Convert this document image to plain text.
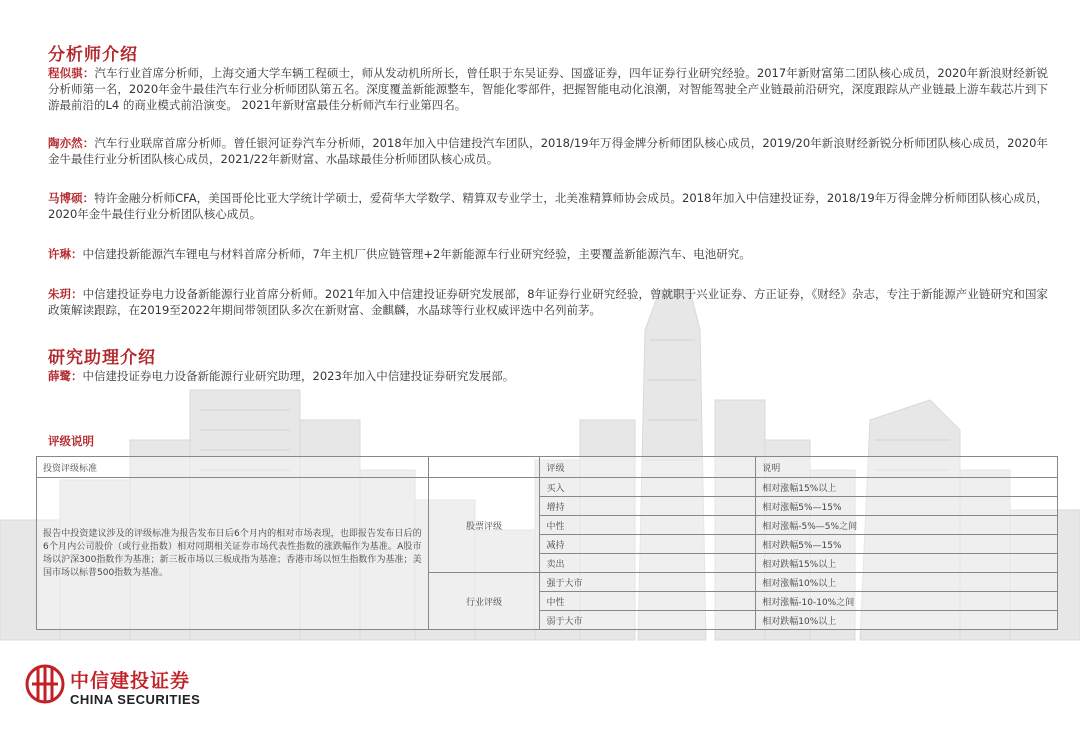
分析师介绍
程似骐：汽车行业首席分析师，上海交通大学车辆工程硕士，师从发动机所所长，曾任职于东吴证券、国盛证券，四年证券行业研究经验。2017年新财富第二团队核心成员，2020年新浪财经新锐分析师第一名，2020年金牛最佳汽车行业分析师团队第五名。深度覆盖新能源整车，智能化零部件，把握智能电动化浪潮，对智能驾驶全产业链最前沿研究，深度跟踪从产业链最上游车载芯片到下游最前沿的L4 的商业模式前沿演变。 2021年新财富最佳分析师汽车行业第四名。
陶亦然：汽车行业联席首席分析师。曾任银河证券汽车分析师，2018年加入中信建投汽车团队，2018/19年万得金牌分析师团队核心成员，2019/20年新浪财经新锐分析师团队核心成员，2020年金牛最佳行业分析团队核心成员，2021/22年新财富、水晶球最佳分析师团队核心成员。
马博硕：特许金融分析师CFA，美国哥伦比亚大学统计学硕士，爱荷华大学数学、精算双专业学士，北美准精算师协会成员。2018年加入中信建投证券，2018/19年万得金牌分析师团队核心成员，2020年金牛最佳行业分析团队核心成员。
许琳：中信建投新能源汽车锂电与材料首席分析师，7年主机厂供应链管理+2年新能源车行业研究经验，主要覆盖新能源汽车、电池研究。
朱玥：中信建投证券电力设备新能源行业首席分析师。2021年加入中信建投证券研究发展部，8年证券行业研究经验，曾就职于兴业证券、方正证券，《财经》杂志，专注于新能源产业链研究和国家政策解读跟踪，在2019至2022年期间带领团队多次在新财富、金麒麟，水晶球等行业权威评选中名列前茅。
研究助理介绍
薛鹭：中信建投证券电力设备新能源行业研究助理，2023年加入中信建投证券研究发展部。
评级说明
投资评级标准		评级	说明
报告中投资建议涉及的评级标准为报告发布日后6个月内的相对市场表现，也即报告发布日后的6个月内公司股价（或行业指数）相对同期相关证券市场代表性指数的涨跌幅作为基准。A股市场以沪深300指数作为基准；新三板市场以三板成指为基准；香港市场以恒生指数作为基准；美国市场以标普500指数为基准。	股票评级	买入	相对涨幅15%以上
		增持	相对涨幅5%—15%
		中性	相对涨幅-5%—5%之间
		减持	相对跌幅5%—15%
		卖出	相对跌幅15%以上
	行业评级	强于大市	相对涨幅10%以上
		中性	相对涨幅-10-10%之间
		弱于大市	相对跌幅10%以上
中信建投证券
CHINA SECURITIES
